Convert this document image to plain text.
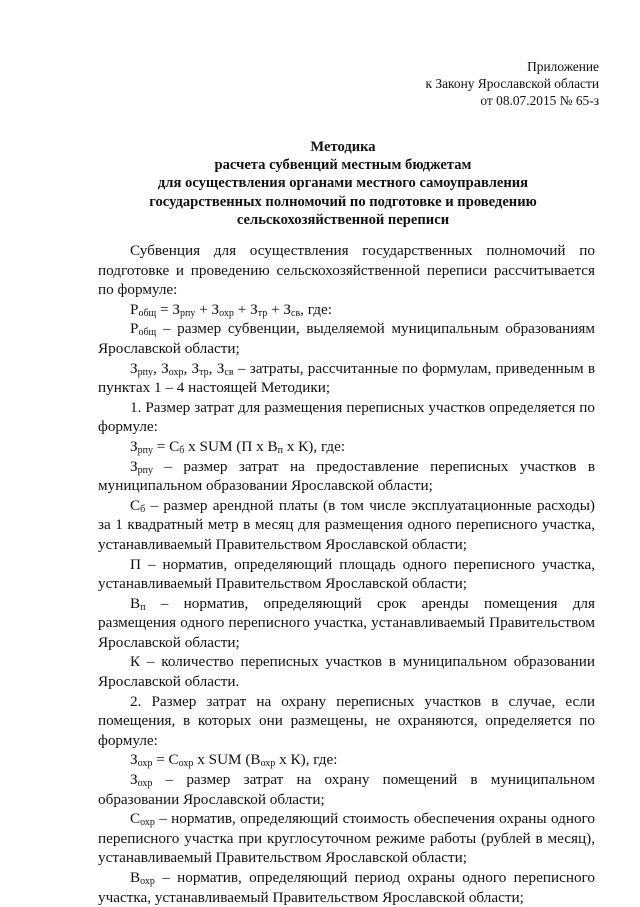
Приложение
к Закону Ярославской области
от 08.07.2015 № 65-з
Методика
расчета субвенций местным бюджетам
для осуществления органами местного самоуправления
государственных полномочий по подготовке и проведению
сельскохозяйственной переписи

Субвенция для осуществления государственных полномочий по подготовке и проведению сельскохозяйственной переписи рассчитывается по формуле:

$Р_{общ} = З_{рпу} + З_{охр} + З_{тр} + З_{св}$, где:

$Р_{общ}$ – размер субвенции, выделяемой муниципальным образованиям Ярославской области;

$З_{рпу}$, $З_{охр}$, $З_{тр}$, $З_{св}$ – затраты, рассчитанные по формулам, приведенным в пунктах 1 – 4 настоящей Методики;

1. Размер затрат для размещения переписных участков определяется по формуле:

$З_{рпу} = С_б$ х SUM (П х $В_п$ х К), где:

$З_{рпу}$ – размер затрат на предоставление переписных участков в муниципальном образовании Ярославской области;

$С_б$ – размер арендной платы (в том числе эксплуатационные расходы) за 1 квадратный метр в месяц для размещения одного переписного участка, устанавливаемый Правительством Ярославской области;

П – норматив, определяющий площадь одного переписного участка, устанавливаемый Правительством Ярославской области;

$В_п$ – норматив, определяющий срок аренды помещения для размещения одного переписного участка, устанавливаемый Правительством Ярославской области;

К – количество переписных участков в муниципальном образовании Ярославской области.

2. Размер затрат на охрану переписных участков в случае, если помещения, в которых они размещены, не охраняются, определяется по формуле:

$З_{охр} = С_{охр}$ х SUM ($В_{охр}$ х К), где:

$З_{охр}$ – размер затрат на охрану помещений в муниципальном образовании Ярославской области;

$С_{охр}$ – норматив, определяющий стоимость обеспечения охраны одного переписного участка при круглосуточном режиме работы (рублей в месяц), устанавливаемый Правительством Ярославской области;

$В_{охр}$ – норматив, определяющий период охраны одного переписного участка, устанавливаемый Правительством Ярославской области;
